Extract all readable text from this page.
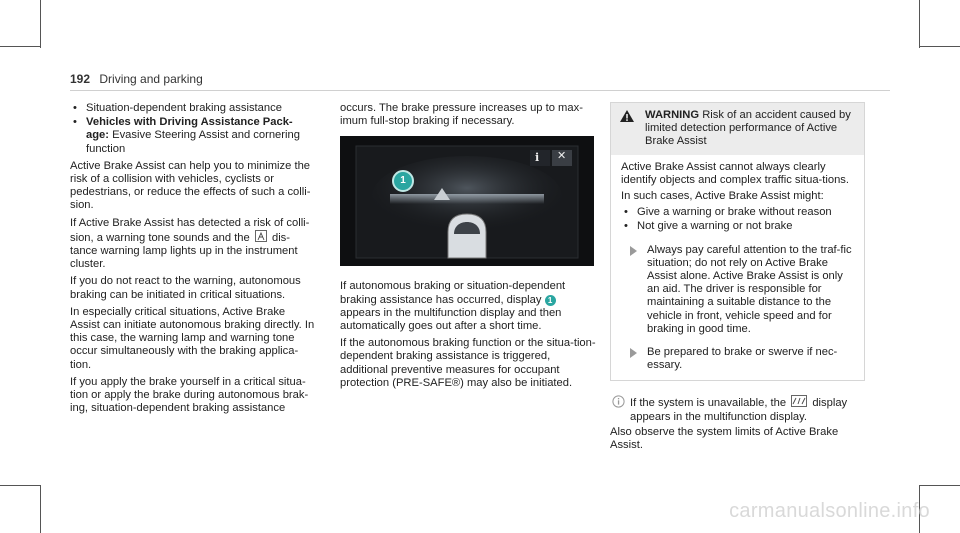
192 Driving and parking
• Situation-dependent braking assistance
• Vehicles with Driving Assistance Pack-age: Evasive Steering Assist and cornering function

Active Brake Assist can help you to minimize the risk of a collision with vehicles, cyclists or pedestrians, or reduce the effects of such a colli-sion.

If Active Brake Assist has detected a risk of colli-sion, a warning tone sounds and the dis-tance warning lamp lights up in the instrument cluster.

If you do not react to the warning, autonomous braking can be initiated in critical situations.

In especially critical situations, Active Brake Assist can initiate autonomous braking directly. In this case, the warning lamp and warning tone occur simultaneously with the braking applica-tion.

If you apply the brake yourself in a critical situa-tion or apply the brake during autonomous brak-ing, situation-dependent braking assistance

occurs. The brake pressure increases up to max-imum full-stop braking if necessary.

i ✕
1

If autonomous braking or situation-dependent braking assistance has occurred, display 1 appears in the multifunction display and then automatically goes out after a short time.

If the autonomous braking function or the situa-tion-dependent braking assistance is triggered, additional preventive measures for occupant protection (PRE-SAFE®) may also be initiated.

WARNING Risk of an accident caused by limited detection performance of Active Brake Assist

Active Brake Assist cannot always clearly identify objects and complex traffic situa-tions.

In such cases, Active Brake Assist might:

• Give a warning or brake without reason
• Not give a warning or not brake
Always pay careful attention to the traf-fic situation; do not rely on Active Brake Assist alone. Active Brake Assist is only an aid. The driver is responsible for maintaining a suitable distance to the vehicle in front, vehicle speed and for braking in good time.
Be prepared to brake or swerve if nec-essary.
If the system is unavailable, the display appears in the multifunction display.

Also observe the system limits of Active Brake Assist.

carmanualsonline.info
